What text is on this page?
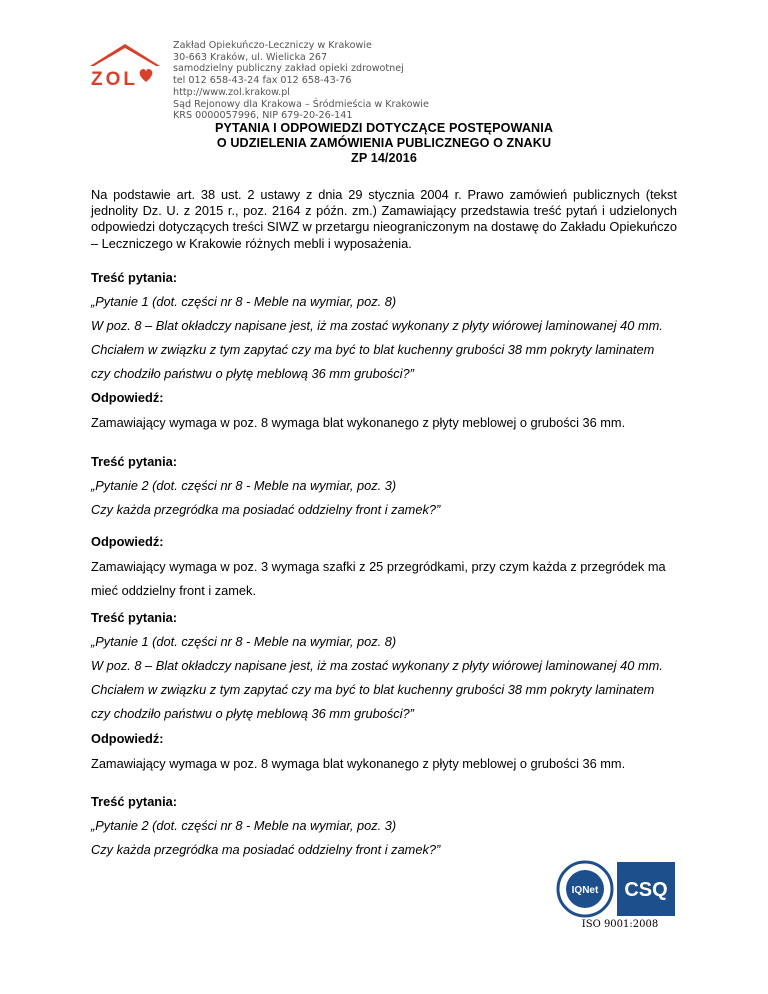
ZOL
Zakład Opiekuńczo-Leczniczy w Krakowie
30-663 Kraków, ul. Wielicka 267
samodzielny publiczny zakład opieki zdrowotnej
tel 012 658-43-24 fax 012 658-43-76
http://www.zol.krakow.pl
Sąd Rejonowy dla Krakowa – Śródmieścia w Krakowie
KRS 0000057996, NIP 679-20-26-141
PYTANIA I ODPOWIEDZI DOTYCZĄCE POSTĘPOWANIA
O UDZIELENIA ZAMÓWIENIA PUBLICZNEGO O ZNAKU
ZP 14/2016

Na podstawie art. 38 ust. 2 ustawy z dnia 29 stycznia 2004 r. Prawo zamówień publicznych (tekst jednolity Dz. U. z 2015 r., poz. 2164 z późn. zm.) Zamawiający przedstawia treść pytań i udzielonych odpowiedzi dotyczących treści SIWZ w przetargu nieograniczonym na dostawę do Zakładu Opiekuńczo – Leczniczego w Krakowie różnych mebli i wyposażenia.

Treść pytania:

„Pytanie 1 (dot. części nr 8 - Meble na wymiar, poz. 8)

W poz. 8 – Blat okładczy napisane jest, iż ma zostać wykonany z płyty wiórowej laminowanej 40 mm.

Chciałem w związku z tym zapytać czy ma być to blat kuchenny grubości 38 mm pokryty laminatem

czy chodziło państwu o płytę meblową 36 mm grubości?”

Odpowiedź:

Zamawiający wymaga w poz. 8 wymaga blat wykonanego z płyty meblowej o grubości 36 mm.

Treść pytania:

„Pytanie 2 (dot. części nr 8 - Meble na wymiar, poz. 3)

Czy każda przegródka ma posiadać oddzielny front i zamek?”

Odpowiedź:

Zamawiający wymaga w poz. 3 wymaga szafki z 25 przegródkami, przy czym każda z przegródek ma

mieć oddzielny front i zamek.

Treść pytania:

„Pytanie 1 (dot. części nr 8 - Meble na wymiar, poz. 8)

W poz. 8 – Blat okładczy napisane jest, iż ma zostać wykonany z płyty wiórowej laminowanej 40 mm.

Chciałem w związku z tym zapytać czy ma być to blat kuchenny grubości 38 mm pokryty laminatem

czy chodziło państwu o płytę meblową 36 mm grubości?”

Odpowiedź:

Zamawiający wymaga w poz. 8 wymaga blat wykonanego z płyty meblowej o grubości 36 mm.

Treść pytania:

„Pytanie 2 (dot. części nr 8 - Meble na wymiar, poz. 3)

Czy każda przegródka ma posiadać oddzielny front i zamek?”

IQNet CSQ
ISO 9001:2008
